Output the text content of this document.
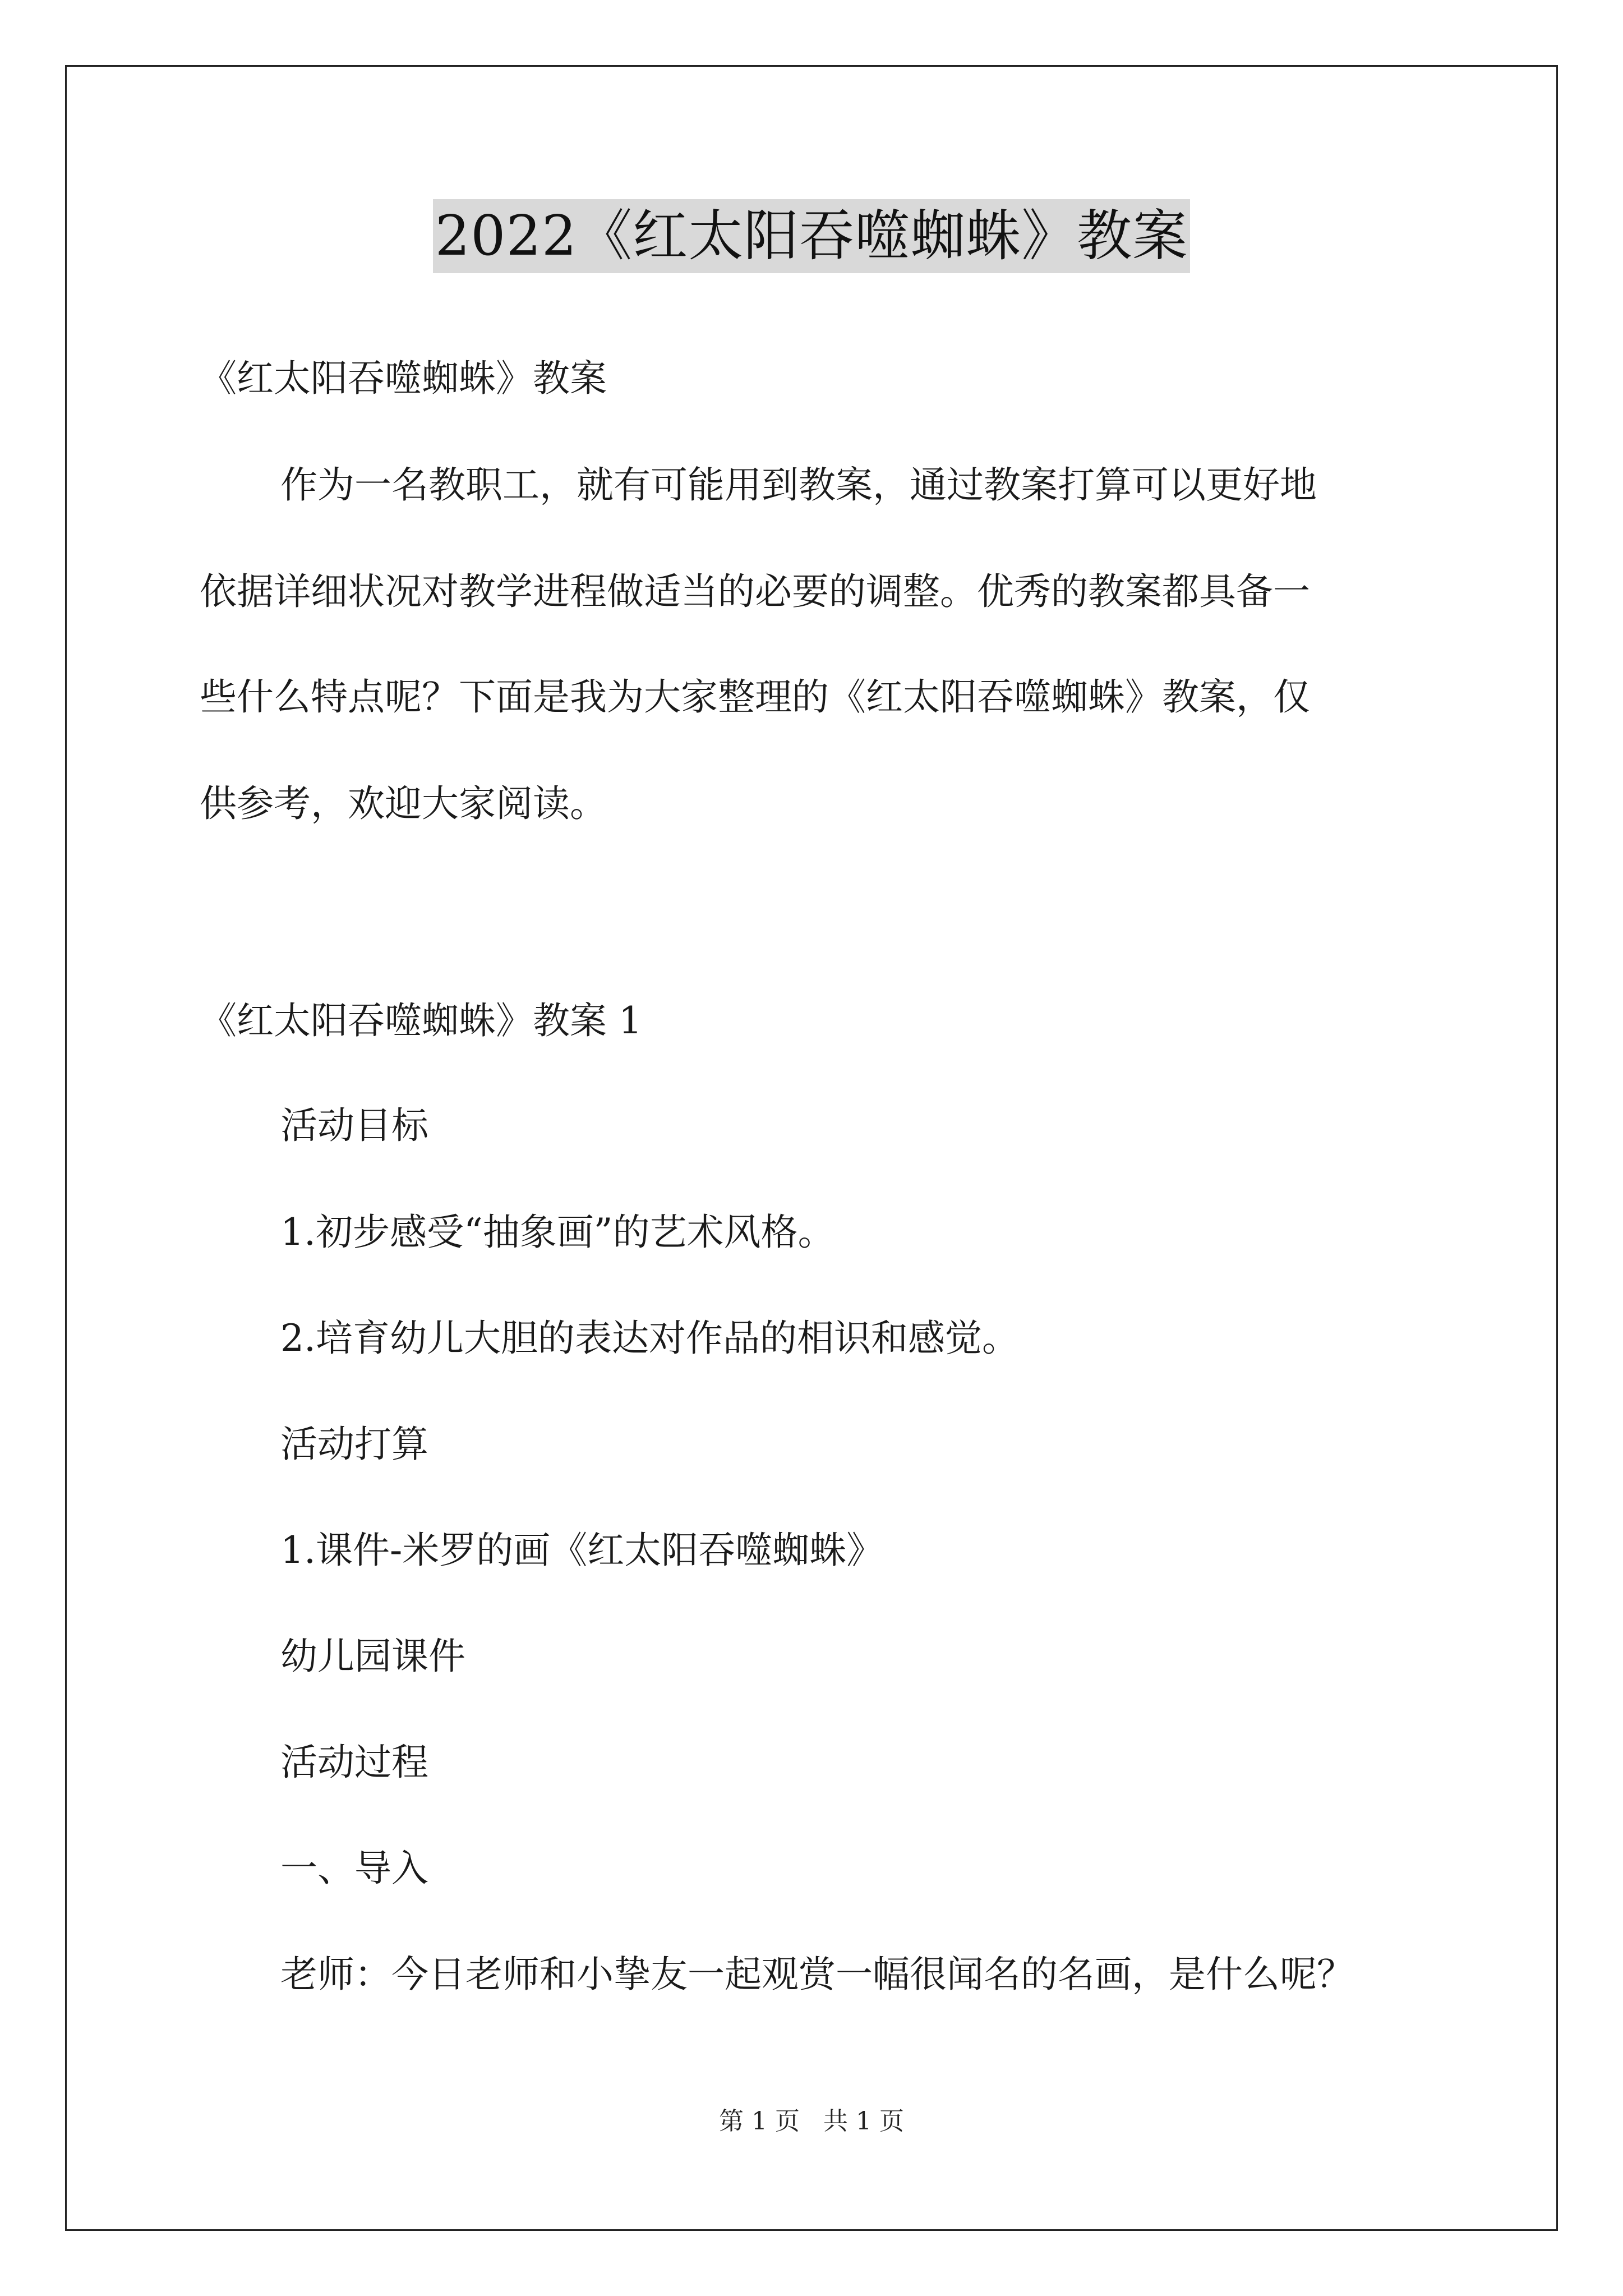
2022《红太阳吞噬蜘蛛》教案
《红太阳吞噬蜘蛛》教案
作为一名教职工，就有可能用到教案，通过教案打算可以更好地
依据详细状况对教学进程做适当的必要的调整。优秀的教案都具备一
些什么特点呢？下面是我为大家整理的《红太阳吞噬蜘蛛》教案，仅
供参考，欢迎大家阅读。
《红太阳吞噬蜘蛛》教案 1
活动目标
1.初步感受“抽象画”的艺术风格。
2.培育幼儿大胆的表达对作品的相识和感觉。
活动打算
1.课件-米罗的画《红太阳吞噬蜘蛛》
幼儿园课件
活动过程
一、导入
老师：今日老师和小挚友一起观赏一幅很闻名的名画，是什么呢？
第 1 页 共 1 页
